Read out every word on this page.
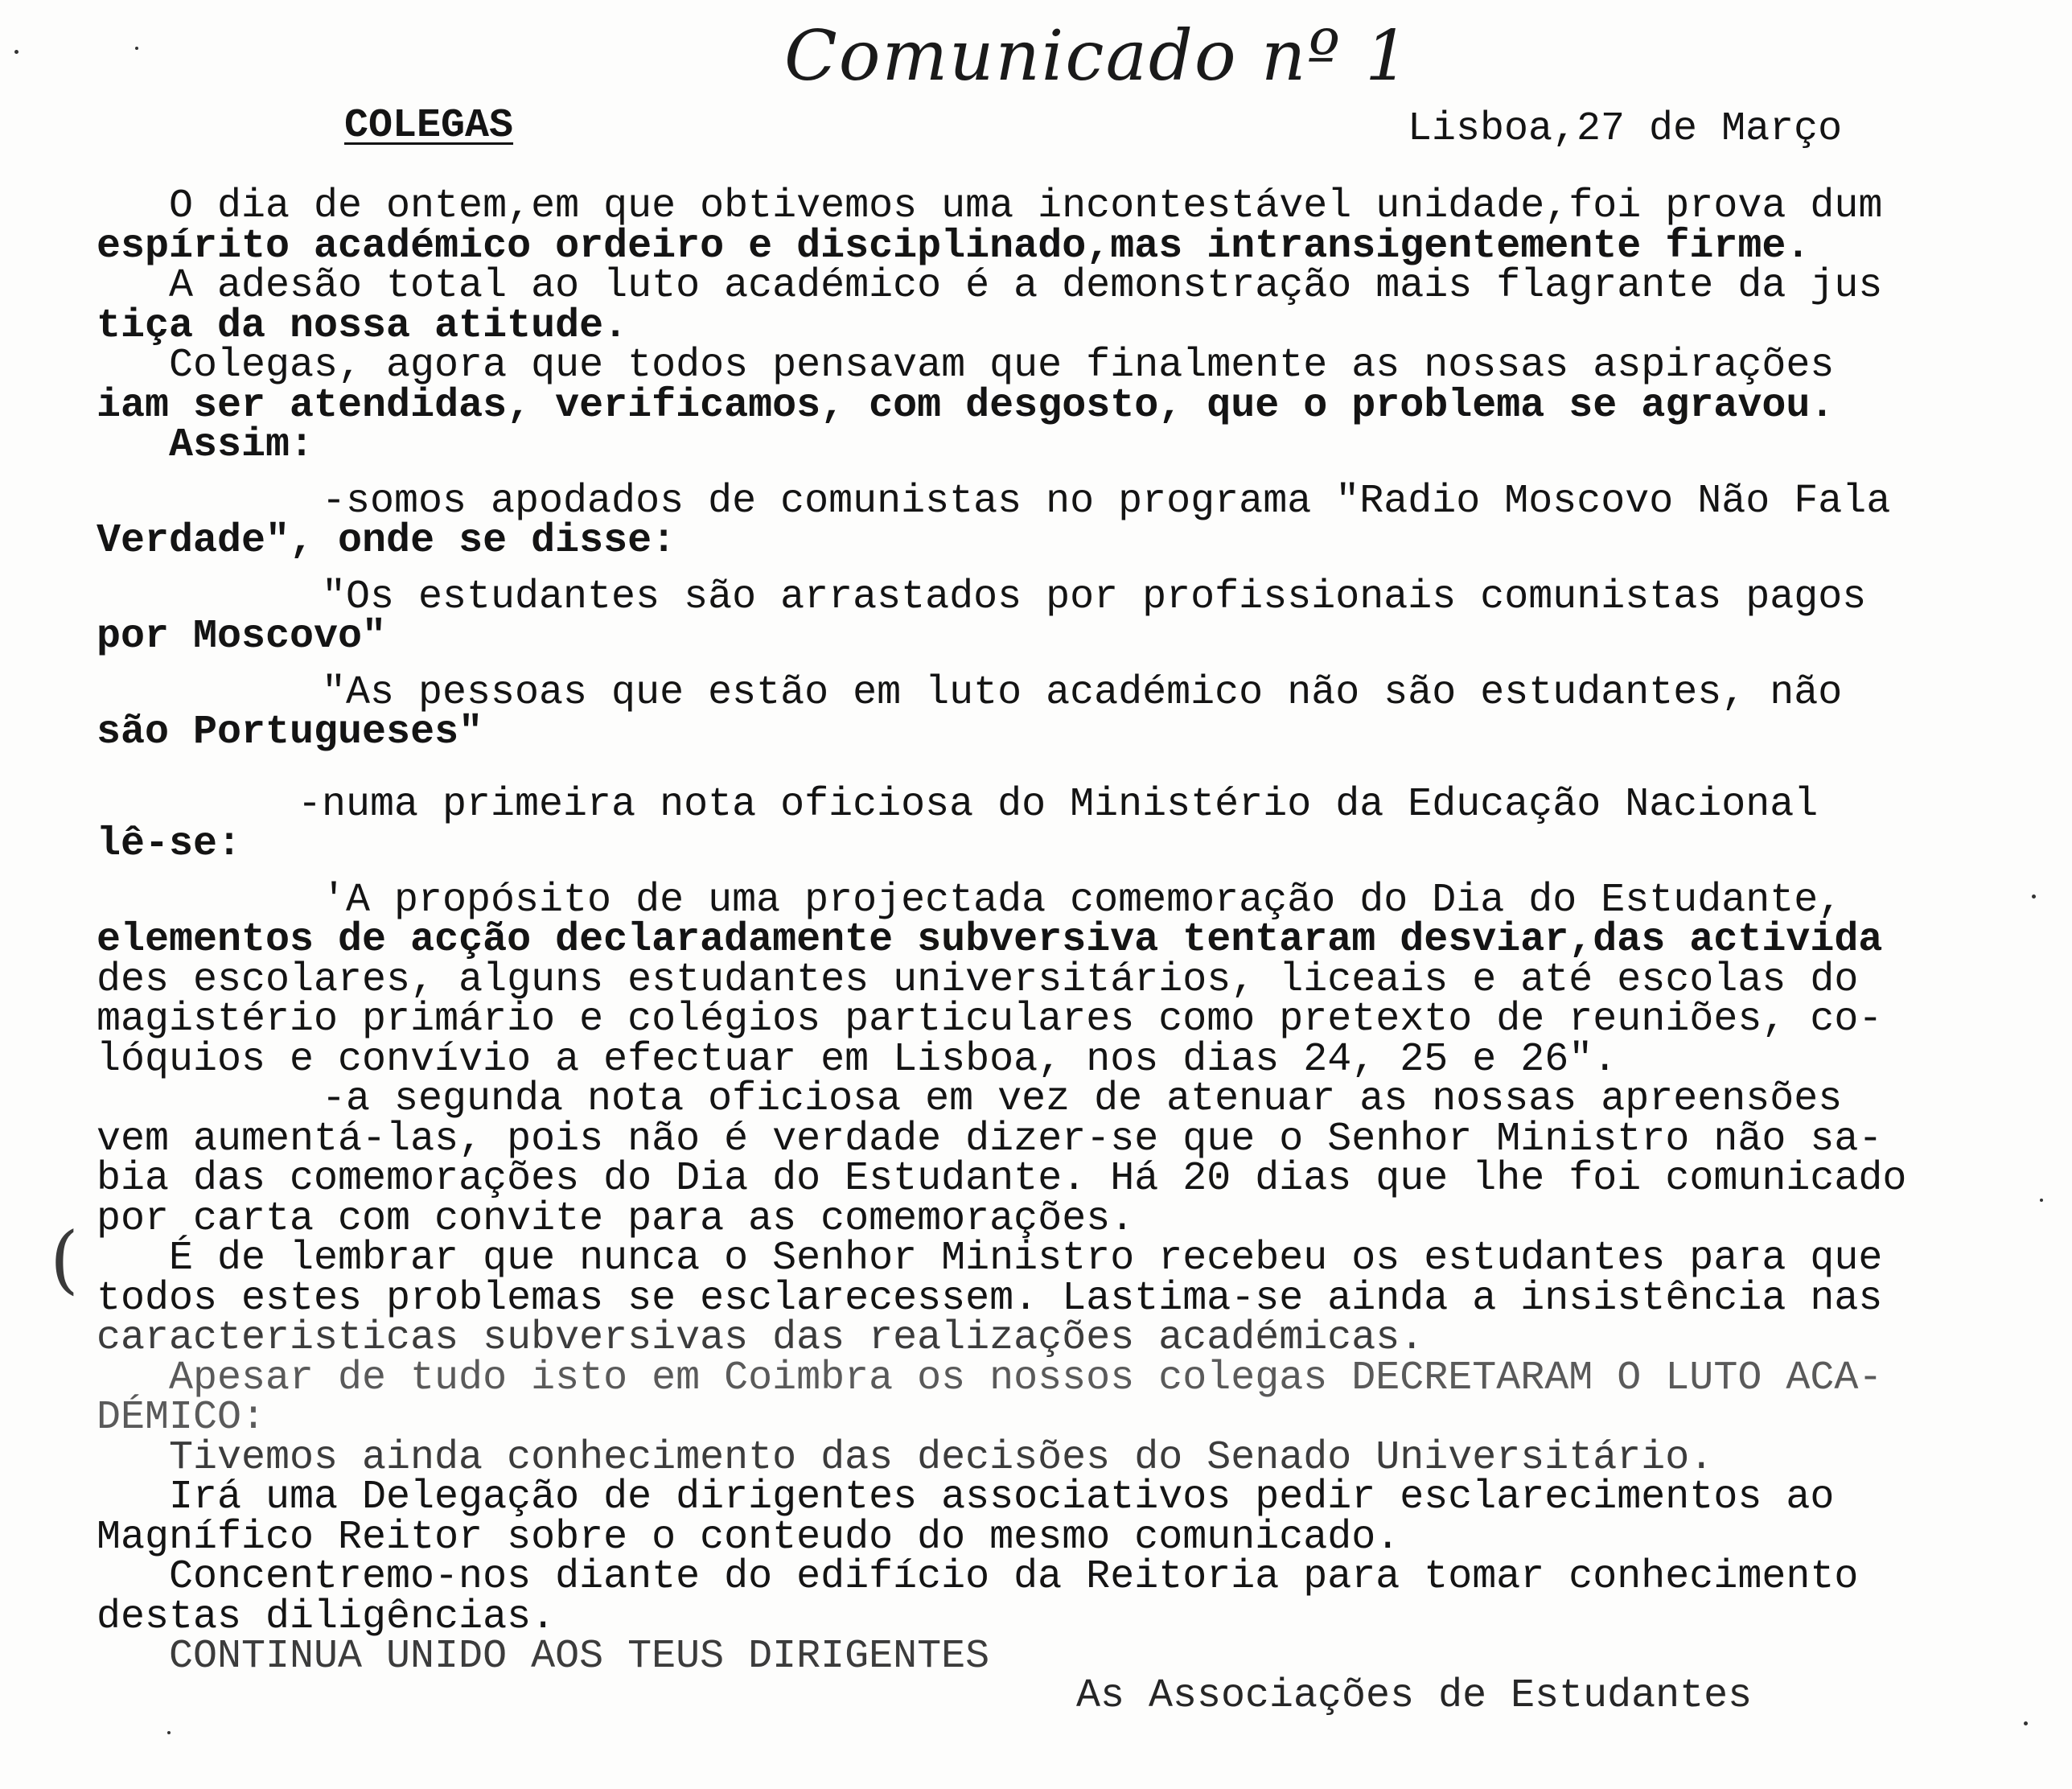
Comunicado nº 1
COLEGAS	Lisboa,27 de Março
O dia de ontem,em que obtivemos uma incontestável unidade,foi prova dum
espírito académico ordeiro e disciplinado,mas intransigentemente firme.
A adesão total ao luto académico é a demonstração mais flagrante da jus
tiça da nossa atitude.
Colegas, agora que todos pensavam que finalmente as nossas aspirações
iam ser atendidas, verificamos, com desgosto, que o problema se agravou.
Assim:
-somos apodados de comunistas no programa "Radio Moscovo Não Fala
Verdade", onde se disse:
"Os estudantes são arrastados por profissionais comunistas pagos
por Moscovo"
"As pessoas que estão em luto académico não são estudantes, não
são Portugueses"
-numa primeira nota oficiosa do Ministério da Educação Nacional
lê-se:
'A propósito de uma projectada comemoração do Dia do Estudante,
elementos de acção declaradamente subversiva tentaram desviar,das activida
des escolares, alguns estudantes universitários, liceais e até escolas do
magistério primário e colégios particulares como pretexto de reuniões, co-
lóquios e convívio a efectuar em Lisboa, nos dias 24, 25 e 26".
-a segunda nota oficiosa em vez de atenuar as nossas apreensões
vem aumentá-las, pois não é verdade dizer-se que o Senhor Ministro não sa-
bia das comemorações do Dia do Estudante. Há 20 dias que lhe foi comunicado
por carta com convite para as comemorações.
É de lembrar que nunca o Senhor Ministro recebeu os estudantes para que
todos estes problemas se esclarecessem. Lastima-se ainda a insistência nas
caracteristicas subversivas das realizações académicas.
Apesar de tudo isto em Coimbra os nossos colegas DECRETARAM O LUTO ACA-
DÉMICO:
Tivemos ainda conhecimento das decisões do Senado Universitário.
Irá uma Delegação de dirigentes associativos pedir esclarecimentos ao
Magnífico Reitor sobre o conteudo do mesmo comunicado.
Concentremo-nos diante do edifício da Reitoria para tomar conhecimento
destas diligências.
CONTINUA UNIDO AOS TEUS DIRIGENTES
(
As Associações de Estudantes
